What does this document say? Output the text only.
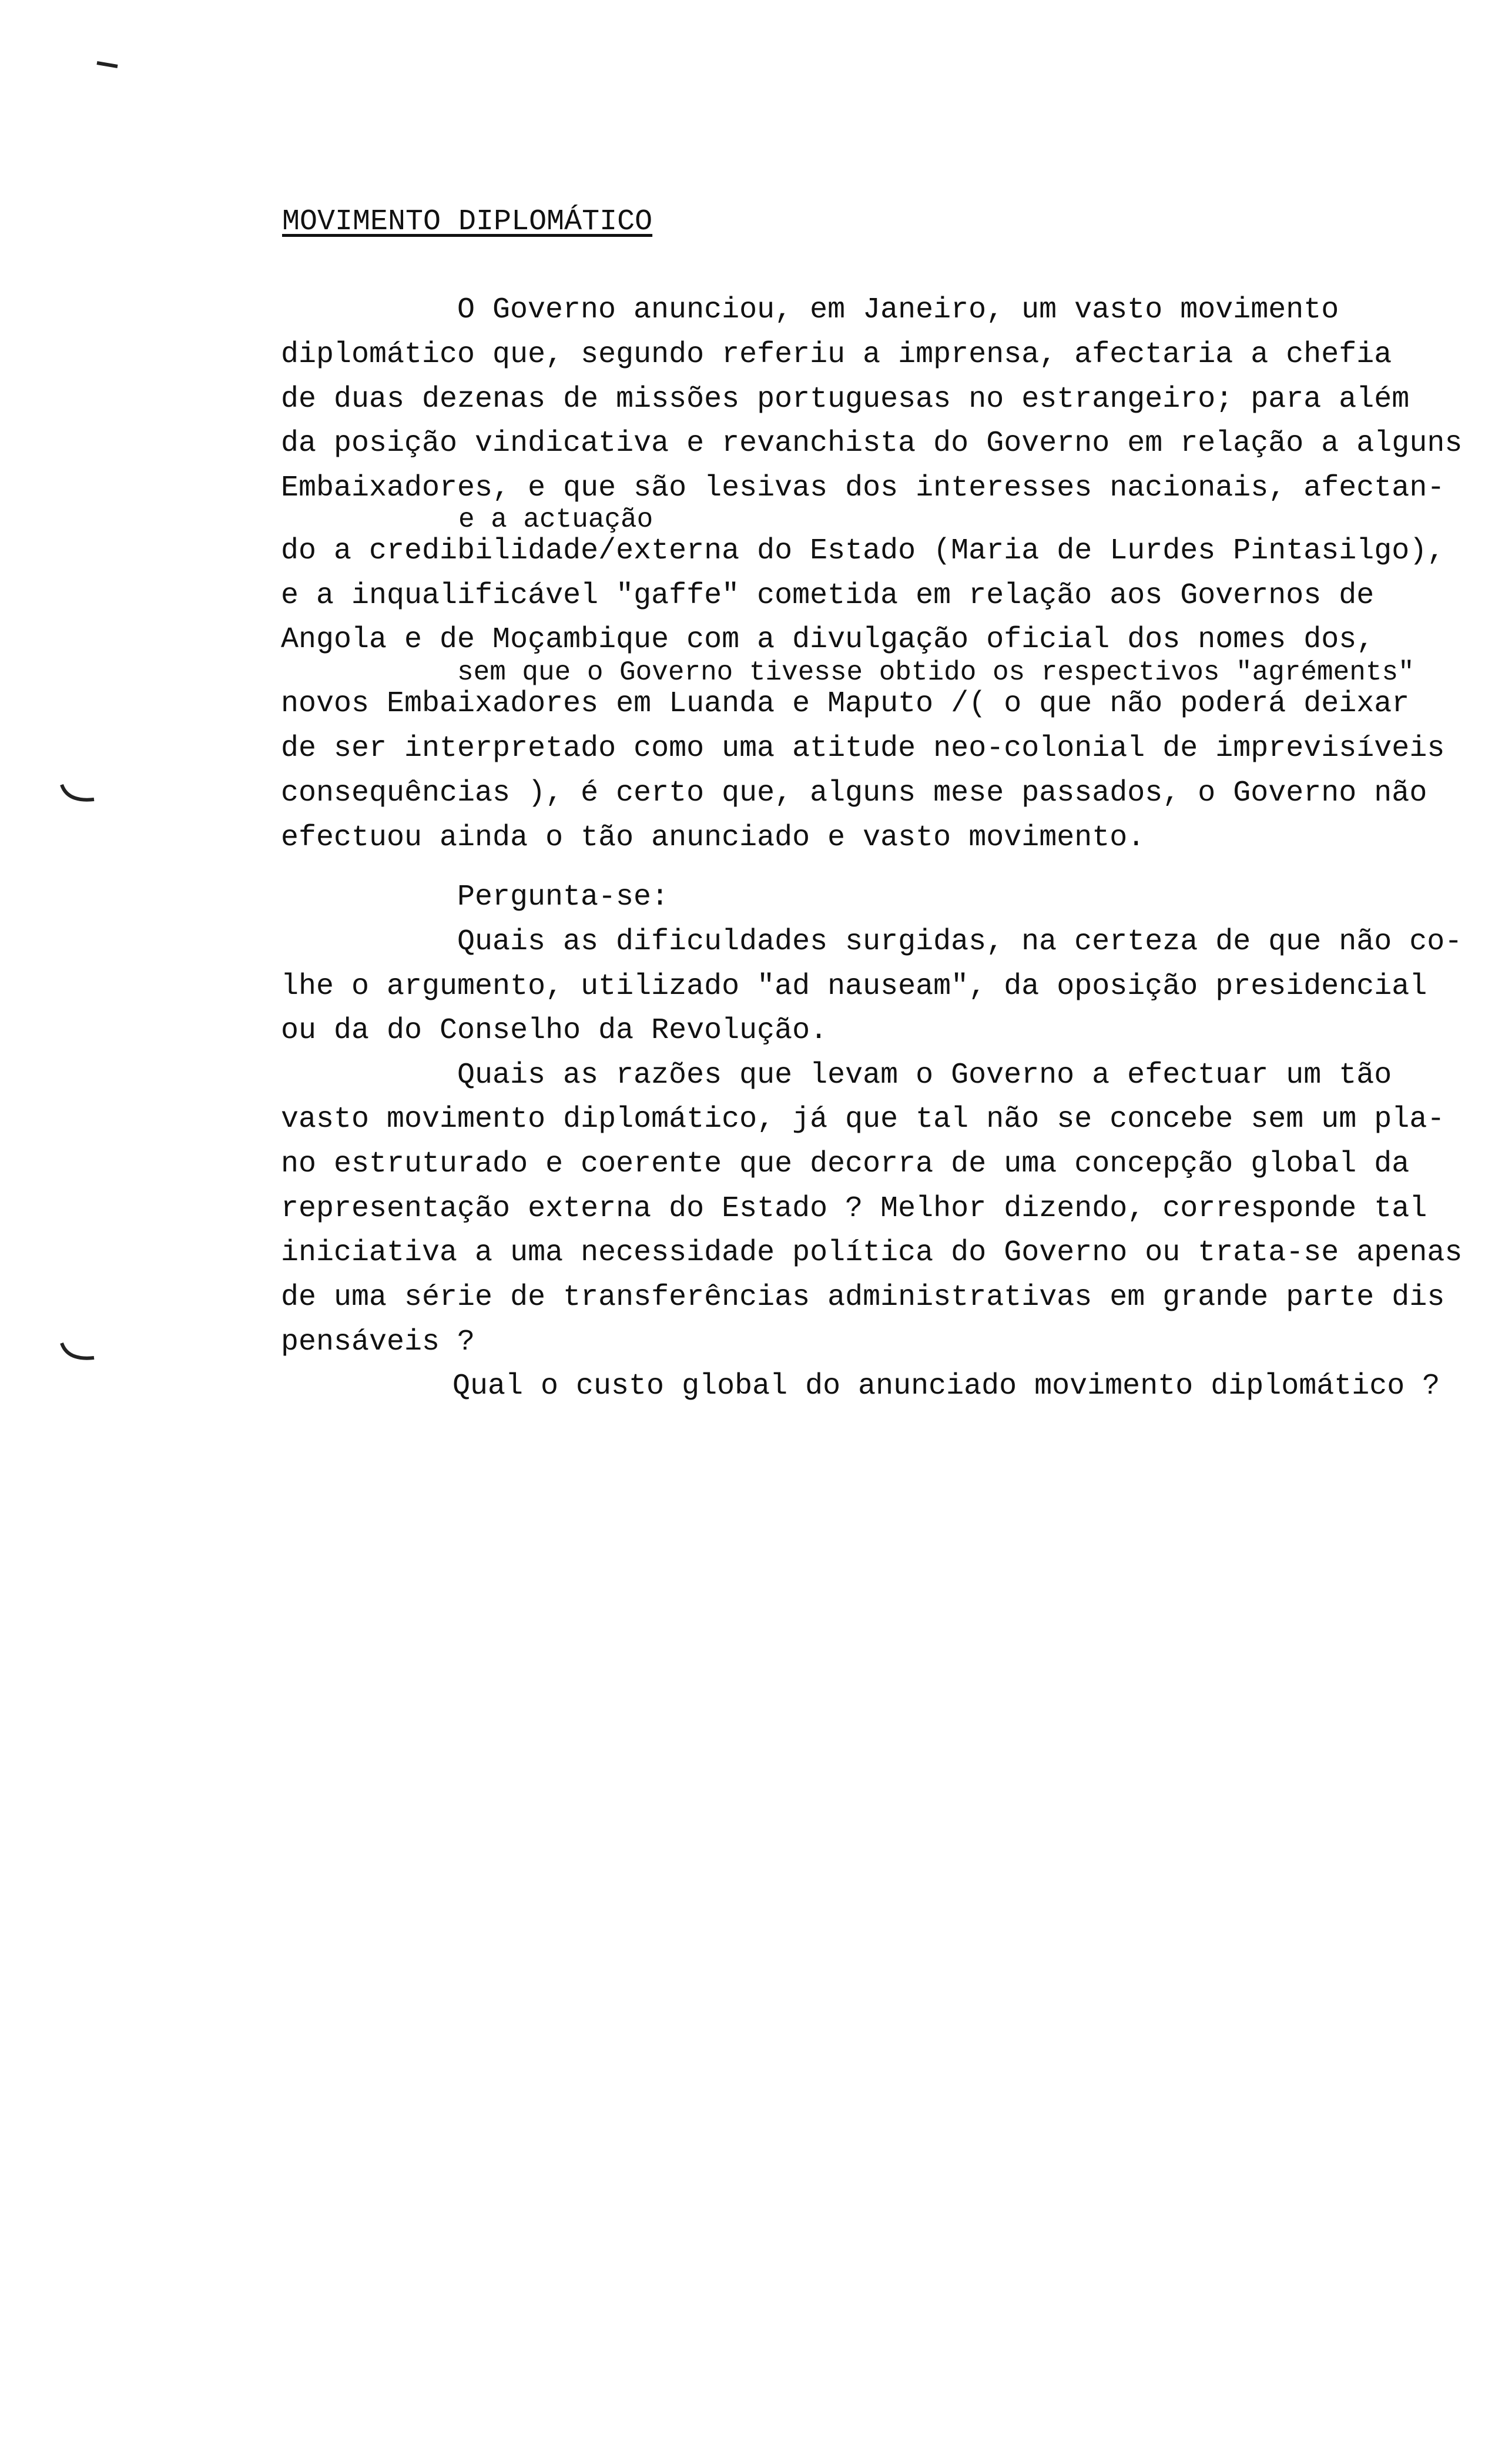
MOVIMENTO DIPLOMÁTICO
O Governo anunciou, em Janeiro, um vasto movimento
diplomático que, segundo referiu a imprensa, afectaria a chefia
de duas dezenas de missões portuguesas no estrangeiro; para além
da posição vindicativa e revanchista do Governo em relação a alguns
Embaixadores, e que são lesivas dos interesses nacionais, afectan-
e a actuação
do a credibilidade/externa do Estado (Maria de Lurdes Pintasilgo),
e a inqualificável "gaffe" cometida em relação aos Governos de
Angola e de Moçambique com a divulgação oficial dos nomes dos,
sem que o Governo tivesse obtido os respectivos "agréments"
novos Embaixadores em Luanda e Maputo /( o que não poderá deixar
de ser interpretado como uma atitude neo-colonial de imprevisíveis
consequências ), é certo que, alguns mese passados, o Governo não
efectuou ainda o tão anunciado e vasto movimento.
Pergunta-se:
Quais as dificuldades surgidas, na certeza de que não co-
lhe o argumento, utilizado "ad nauseam", da oposição presidencial
ou da do Conselho da Revolução.
Quais as razões que levam o Governo a efectuar um tão
vasto movimento diplomático, já que tal não se concebe sem um pla-
no estruturado e coerente que decorra de uma concepção global da
representação externa do Estado ? Melhor dizendo, corresponde tal
iniciativa a uma necessidade política do Governo ou trata-se apenas
de uma série de transferências administrativas em grande parte dis
pensáveis ?
Qual o custo global do anunciado movimento diplomático ?
